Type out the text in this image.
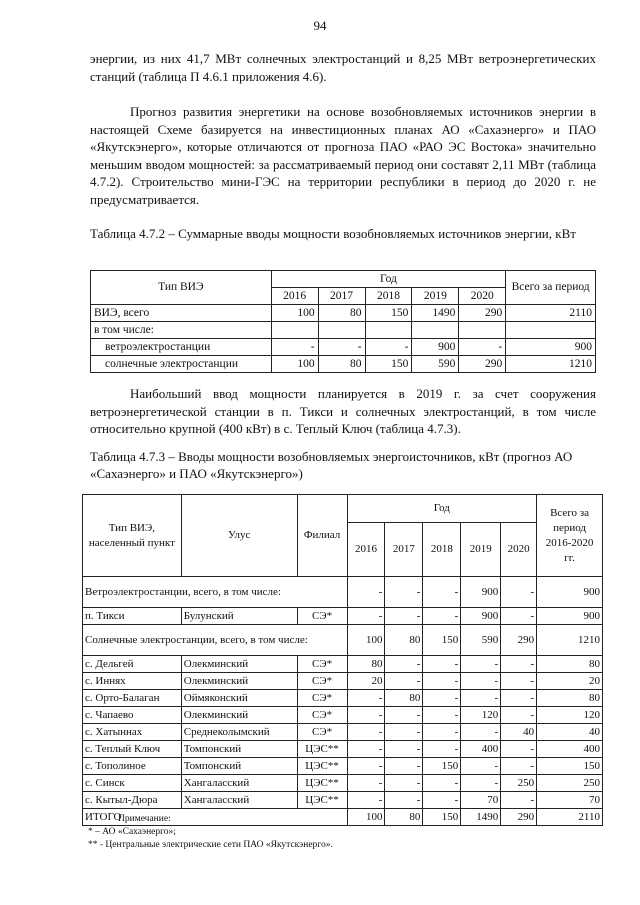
94

энергии, из них 41,7 МВт солнечных электростанций и 8,25 МВт ветроэнергетических станций (таблица П 4.6.1 приложения 4.6).

Прогноз развития энергетики на основе возобновляемых источников энергии в настоящей Схеме базируется на инвестиционных планах АО «Сахаэнерго» и ПАО «Якутскэнерго», которые отличаются от прогноза ПАО «РАО ЭС Востока» значительно меньшим вводом мощностей: за рассматриваемый период они составят 2,11 МВт (таблица 4.7.2). Строительство мини-ГЭС на территории республики в период до 2020 г. не предусматривается.

Таблица 4.7.2 – Суммарные вводы мощности возобновляемых источников энергии, кВт
Тип ВИЭ	Год					Всего за период
	2016	2017	2018	2019	2020	
ВИЭ, всего	100	80	150	1490	290	2110
в том числе:						
ветроэлектростанции	-	-	-	900	-	900
солнечные электростанции	100	80	150	590	290	1210

Наибольший ввод мощности планируется в 2019 г. за счет сооружения ветроэнергетической станции в п. Тикси и солнечных электростанций, в том числе относительно крупной (400 кВт) в с. Теплый Ключ (таблица 4.7.3).

Таблица 4.7.3 – Вводы мощности возобновляемых энергоисточников, кВт (прогноз АО «Сахаэнерго» и ПАО «Якутскэнерго»)
Тип ВИЭ, населенный пункт	Улус	Филиал	Год					Всего за период 2016-2020 гг.
			2016	2017	2018	2019	2020	
Ветроэлектростанции, всего, в том числе:			-	-	-	900	-	900
п. Тикси	Булунский	СЭ*	-	-	-	900	-	900
Солнечные электростанции, всего, в том числе:			100	80	150	590	290	1210
с. Дельгей	Олекминский	СЭ*	80	-	-	-	-	80
с. Иннях	Олекминский	СЭ*	20	-	-	-	-	20
с. Орто-Балаган	Оймяконский	СЭ*	-	80	-	-	-	80
с. Чапаево	Олекминский	СЭ*	-	-	-	120	-	120
с. Хатыннах	Среднеколымский	СЭ*	-	-	-	-	40	40
с. Теплый Ключ	Томпонский	ЦЭС**	-	-	-	400	-	400
с. Тополиное	Томпонский	ЦЭС**	-	-	150	-	-	150
с. Синск	Хангаласский	ЦЭС**	-	-	-	-	250	250
с. Кытыл-Дюра	Хангаласский	ЦЭС**	-	-	-	70	-	70
ИТОГО			100	80	150	1490	290	2110
Примечание:
* – АО «Сахаэнерго»;
** - Центральные электрические сети ПАО «Якутскэнерго».
